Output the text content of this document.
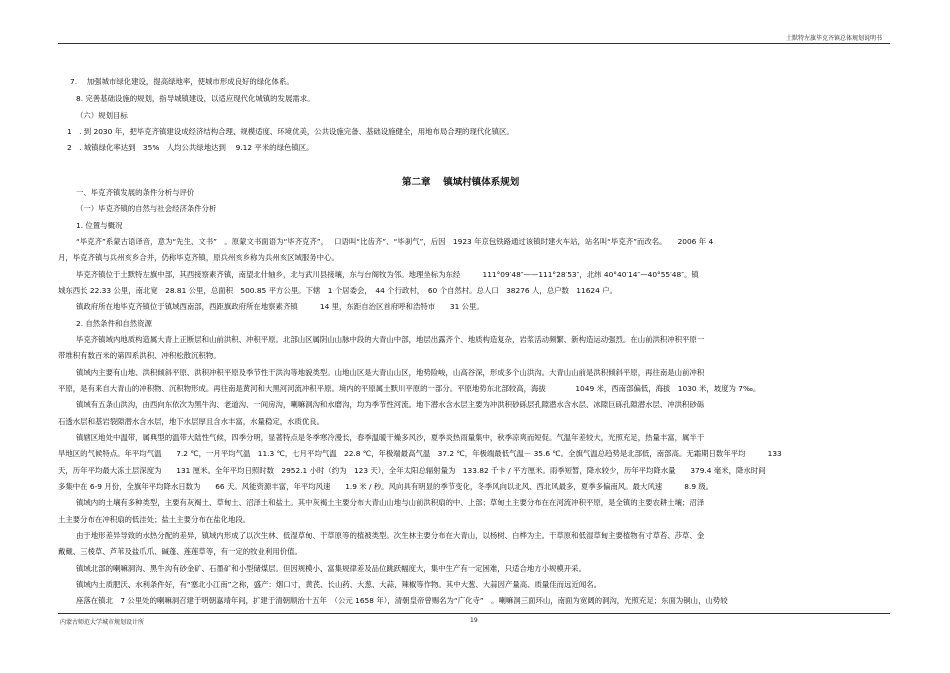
土默特左旗毕克齐镇总体规划说明书
7.　 加强城市绿化建设，提高绿地率，使城市形成良好的绿化体系。
8. 完善基础设施的规划，指导城镇建设，以适应现代化城镇的发展需求。
（六）规划目标
1　. 到 2030 年，把毕克齐镇建设成经济结构合理、规模适度、环境优美，公共设施完备、基础设施健全，用地布局合理的现代化镇区。
2　. 城镇绿化率达到　35%　人均公共绿地达到　 9.12 平米的绿色镇区。
第二章　 镇域村镇体系规划
一、毕克齐镇发展的条件分析与评价
（一）毕克齐镇的自然与社会经济条件分析
1. 位置与概况
“毕克齐”系蒙古语译音，意为“先生、文书”　。原蒙文书面语为“毕齐克齐”，　 口语叫“比齿齐”、“毕刹气”，后因　1923 年京包铁路通过该镇时建火车站，站名叫“毕克齐”而改名。　　2006 年 4
月，毕克齐镇与兵州亥乡合并，仍称毕克齐镇，原兵州亥乡称为兵州亥区域服务中心。
毕克齐镇位于土默特左旗中部，其西接察素齐镇，南望北什轴乡，北与武川县接壤，东与台阁牧为邻。地理坐标为东经　　　111°09′48″——111°28′53″，北纬 40°40′14″—40°55′48″。镇
城东西长 22.33 公里，南北宽　28.81 公里，总面积　500.85 平方公里。下辖　1 个居委会，　44 个行政村，　60 个自然村。总人口　38276 人，总户数　11624 户。
镇政府所在地毕克齐镇位于镇域西南部，西距旗政府所在地察素齐镇　　　14 里，东距自治区首府呼和浩特市　　31 公里。
2. 自然条件和自然资源
毕克齐镇域内地质构造属大青上正断层和山前洪积、冲积平原。北部山区属阴山山脉中段的大青山中部，地层出露齐个、地质构造复杂，岩浆活动频繁、新构造运动强烈。在山前洪积冲积平原一
带堆积有数百米的第四系洪积、冲积松散沉积物。
镇域内主要有山地、洪积倾斜平原、洪积冲积平原及季节性干洪沟等地貌类型。山地山区是大青山山区，地势险峻，山高谷深，形成多个山洪沟。大青山山前是洪积倾斜平原，再往南是山前冲积
平原，是有来自大青山的冲积物、沉积物形成。再往南是黄河和大黑河河流冲积平原。境内的平原属土默川平原的一部分。平原地势东北部较高，海拔　　　　1049 米，西南部偏低，海拔　1030 米，坡度为 7‰。
镇域有五条山洪沟，由西向东依次为黑牛沟、老道沟、一间房沟，喇嘛洞沟和水磨沟，均为季节性河流。地下潜水含水层主要为冲洪积砂砾层孔隙潜水含水层、冰隙巨砾孔隙潜水层、冲洪积砂砾
石透水层和基岩裂隙潜水含水层，地下水层厚且含水丰富，水量稳定，水质优良。
镇辖区地处中温带，属典型的温带大陆性气候，四季分明，显著特点是冬季寒冷漫长，春季温暖干燥多风沙，夏季炎热雨量集中，秋季凉爽而短促。气温年差较大，光照充足，热量丰富，属半干
旱地区的气候特点。年平均气温　　7.2 ℃，一月平均气温　11.3 ℃，七月平均气温　22.8 ℃，年极端最高气温　37.2 ℃，年极端最低气温－ 35.6 ℃。全旗气温总趋势是北部低，南部高。无霜期日数年平均　　　133
天，历年平均最大冻土层深度为　　131 厘米。全年平均日照时数　2952.1 小时（约为　123 天），全年太阳总辐射量为　133.82 千卡 / 平方厘米。雨季短暂，降水较少，历年平均降水量　　379.4 毫米，降水时间
多集中在 6-9 月份，全旗年平均降水日数为　　66 天。风能资源丰富，年平均风速　　1.9 米 / 秒。风向具有明显的季节变化，冬季风向以北风、西北风最多，夏季多偏南风。最大风速　　　8.9 级。
镇域内的土壤有多种类型，主要有灰褐土、草甸土、沼泽土和盐土。其中灰褐土主要分布大青山山地与山前洪积扇的中、上部；草甸土主要分布在在河流冲积平原，是全镇的主要农耕土壤；沼泽
土主要分布在冲积扇的低洼处；盐土主要分布在盐化地段。
由于地形差异导致的水热分配的差异，镇域内形成了以次生林、低湿草甸、干草原等的植被类型。次生林主要分布在大青山，以杨树、白桦为主。干草原和低湿草甸主要植物有寸草苔、莎草、金
戴戴、三棱草、芦苇及盐爪爪、碱蓬、莲莲草等，有一定的牧业利用价值。
镇域北部的喇嘛洞沟、黑牛沟有砂金矿、石墨矿和小型储煤层。但因规模小、富集规律差及品位跳跃幅度大，集中生产有一定困难，只适合地方小规模开采。
镇域内土质肥沃、水利条件好，有“塞北小江南”之称，盛产：烟口寸，黄芪、长山药、大葱、大蒜，辣椒等作物。其中大葱、大蒜因产量高、质量佳而远近闻名。
座落在镇北　7 公里处的喇嘛洞召建于明朝嘉靖年间，扩建于清朝顺治十五年　（公元 1658 年），清朝皇帝曾赐名为“广化寺”　。喇嘛洞三面环山，南面为宽阔的洞沟，光照充足；东面为铜山，山势较
内蒙古师范大学城市规划设计所	19
